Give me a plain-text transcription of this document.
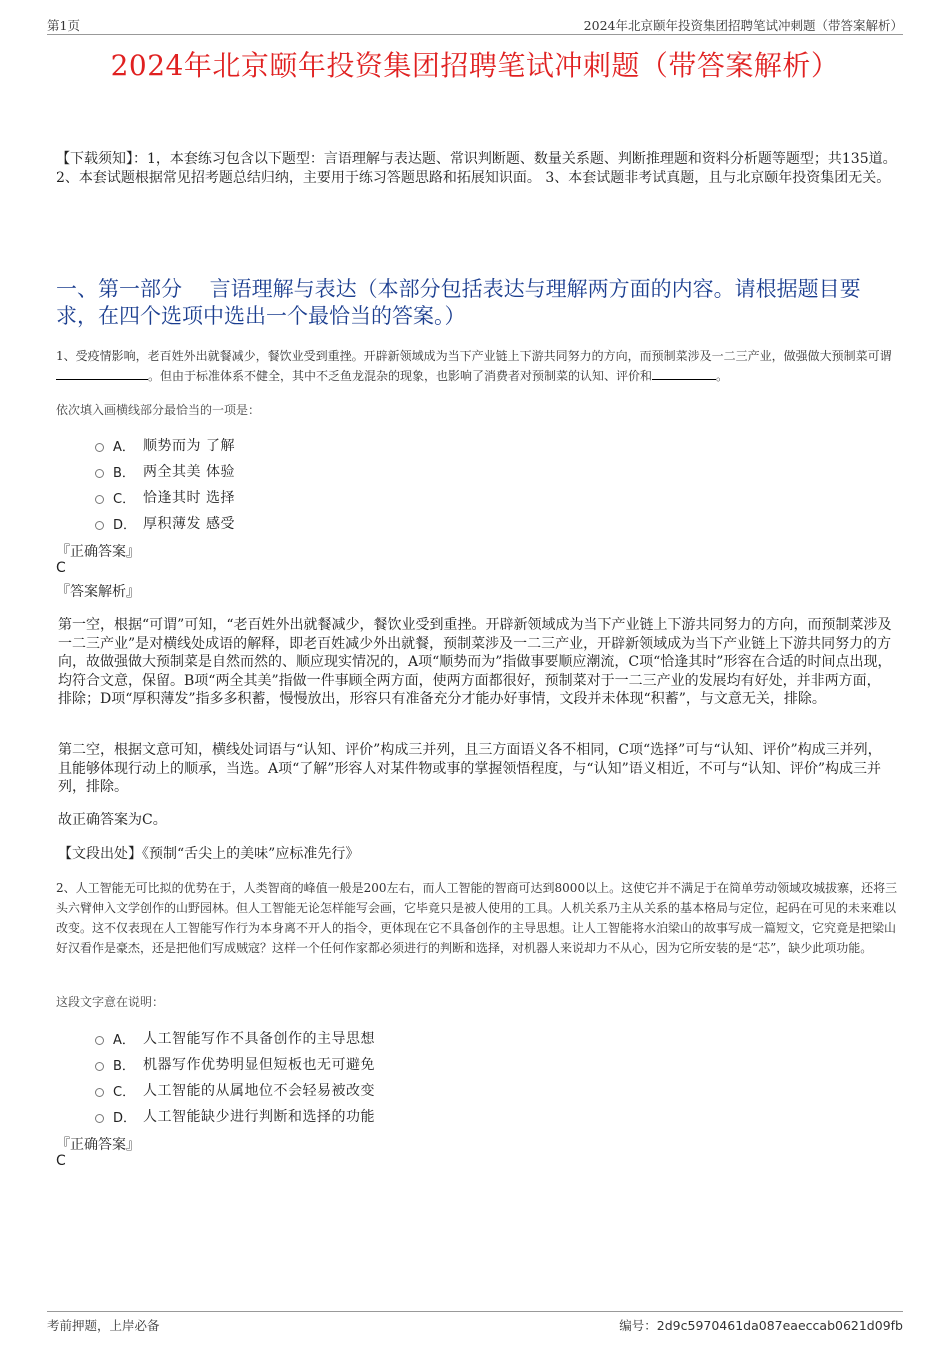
第1页	2024年北京颐年投资集团招聘笔试冲刺题（带答案解析）
2024年北京颐年投资集团招聘笔试冲刺题（带答案解析）
【下载须知】：1，本套练习包含以下题型：言语理解与表达题、常识判断题、数量关系题、判断推理题和资料分析题等题型；共135道。 2、本套试题根据常见招考题总结归纳，主要用于练习答题思路和拓展知识面。 3、本套试题非考试真题，且与北京颐年投资集团无关。
一、第一部分　 言语理解与表达（本部分包括表达与理解两方面的内容。请根据题目要求，在四个选项中选出一个最恰当的答案。）
1、受疫情影响，老百姓外出就餐减少，餐饮业受到重挫。开辟新领域成为当下产业链上下游共同努力的方向，而预制菜涉及一二三产业，做强做大预制菜可谓。但由于标准体系不健全，其中不乏鱼龙混杂的现象，也影响了消费者对预制菜的认知、评价和	。
依次填入画横线部分最恰当的一项是：
A． 顺势而为 了解
B． 两全其美 体验
C． 恰逢其时 选择
D． 厚积薄发 感受
『正确答案』
C
『答案解析』
第一空，根据“可谓”可知，“老百姓外出就餐减少，餐饮业受到重挫。开辟新领域成为当下产业链上下游共同努力的方向，而预制菜涉及一二三产业”是对横线处成语的解释，即老百姓减少外出就餐，预制菜涉及一二三产业，开辟新领域成为当下产业链上下游共同努力的方向，故做强做大预制菜是自然而然的、顺应现实情况的，A项“顺势而为”指做事要顺应潮流，C项“恰逢其时”形容在合适的时间点出现，均符合文意，保留。B项“两全其美”指做一件事顾全两方面，使两方面都很好，预制菜对于一二三产业的发展均有好处，并非两方面，排除；D项“厚积薄发”指多多积蓄，慢慢放出，形容只有准备充分才能办好事情，文段并未体现“积蓄”，与文意无关，排除。
第二空，根据文意可知，横线处词语与“认知、评价”构成三并列，且三方面语义各不相同，C项“选择”可与“认知、评价”构成三并列，且能够体现行动上的顺承，当选。A项“了解”形容人对某件物或事的掌握领悟程度，与“认知”语义相近，不可与“认知、评价”构成三并列，排除。
故正确答案为C。
【文段出处】《预制“舌尖上的美味”应标准先行》
2、人工智能无可比拟的优势在于，人类智商的峰值一般是200左右，而人工智能的智商可达到8000以上。这使它并不满足于在简单劳动领域攻城拔寨，还将三头六臂伸入文学创作的山野园林。但人工智能无论怎样能写会画，它毕竟只是被人使用的工具。人机关系乃主从关系的基本格局与定位，起码在可见的未来难以改变。这不仅表现在人工智能写作行为本身离不开人的指令，更体现在它不具备创作的主导思想。让人工智能将水泊梁山的故事写成一篇短文，它究竟是把梁山好汉看作是豪杰，还是把他们写成贼寇？这样一个任何作家都必须进行的判断和选择，对机器人来说却力不从心，因为它所安装的是“芯”，缺少此项功能。
这段文字意在说明：
A． 人工智能写作不具备创作的主导思想
B． 机器写作优势明显但短板也无可避免
C． 人工智能的从属地位不会轻易被改变
D． 人工智能缺少进行判断和选择的功能
『正确答案』
C
考前押题，上岸必备	编号：2d9c5970461da087eaeccab0621d09fb
